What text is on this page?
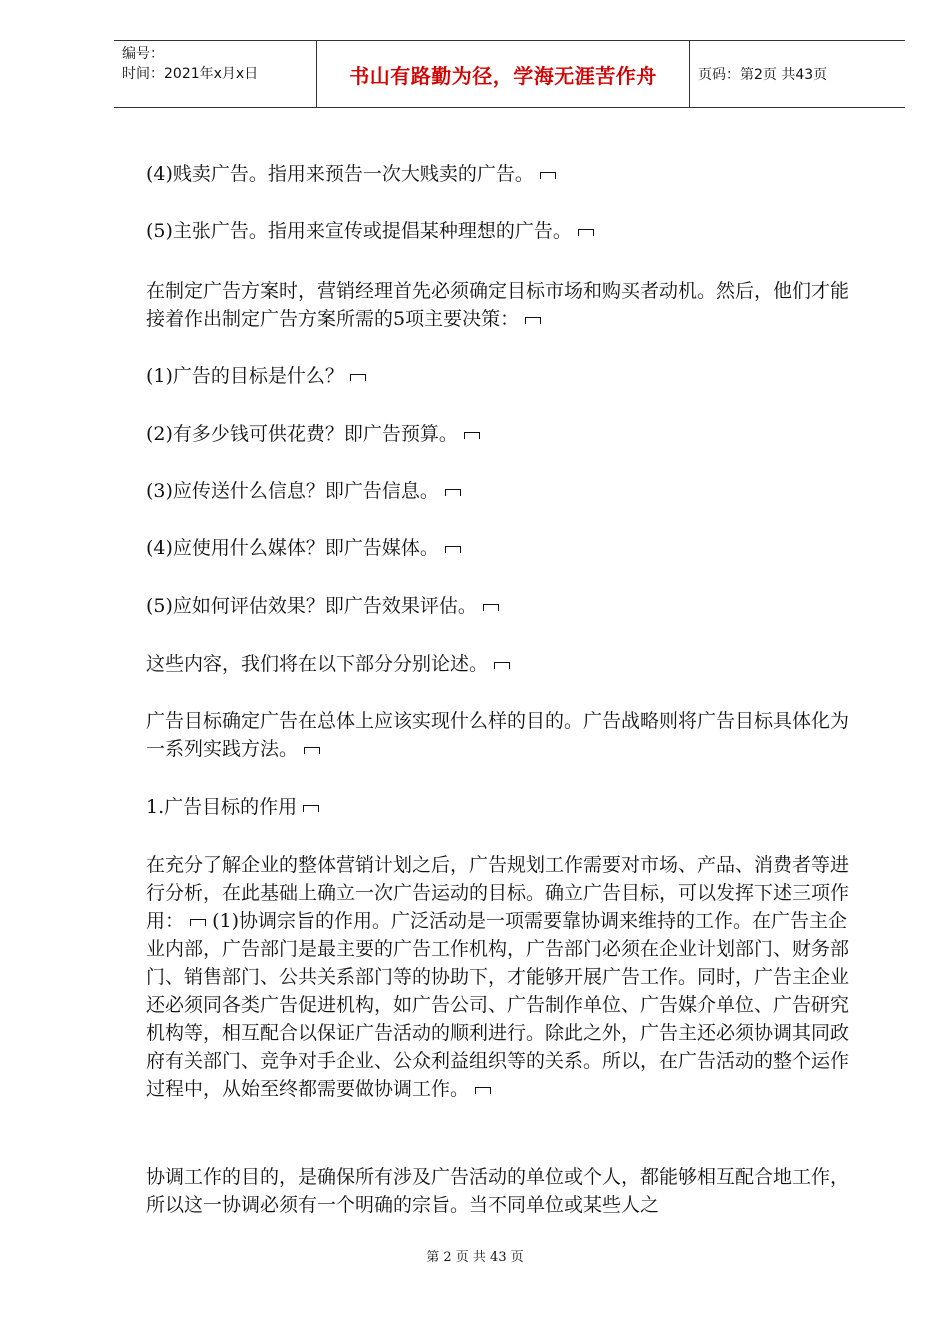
编号：
时间：2021年x月x日	书山有路勤为径，学海无涯苦作舟	页码：第2页 共43页

(4)贱卖广告。指用来预告一次大贱卖的广告。

(5)主张广告。指用来宣传或提倡某种理想的广告。

在制定广告方案时，营销经理首先必须确定目标市场和购买者动机。然后，他们才能接着作出制定广告方案所需的5项主要决策：

(1)广告的目标是什么？

(2)有多少钱可供花费？即广告预算。

(3)应传送什么信息？即广告信息。

(4)应使用什么媒体？即广告媒体。

(5)应如何评估效果？即广告效果评估。

这些内容，我们将在以下部分分别论述。

广告目标确定广告在总体上应该实现什么样的目的。广告战略则将广告目标具体化为一系列实践方法。

1.广告目标的作用

在充分了解企业的整体营销计划之后，广告规划工作需要对市场、产品、消费者等进行分析，在此基础上确立一次广告运动的目标。确立广告目标，可以发挥下述三项作用： (1)协调宗旨的作用。广泛活动是一项需要靠协调来维持的工作。在广告主企业内部，广告部门是最主要的广告工作机构，广告部门必须在企业计划部门、财务部门、销售部门、公共关系部门等的协助下，才能够开展广告工作。同时，广告主企业还必须同各类广告促进机构，如广告公司、广告制作单位、广告媒介单位、广告研究机构等，相互配合以保证广告活动的顺利进行。除此之外，广告主还必须协调其同政府有关部门、竞争对手企业、公众利益组织等的关系。所以，在广告活动的整个运作过程中，从始至终都需要做协调工作。

协调工作的目的，是确保所有涉及广告活动的单位或个人，都能够相互配合地工作，所以这一协调必须有一个明确的宗旨。当不同单位或某些人之

第 2 页 共 43 页
